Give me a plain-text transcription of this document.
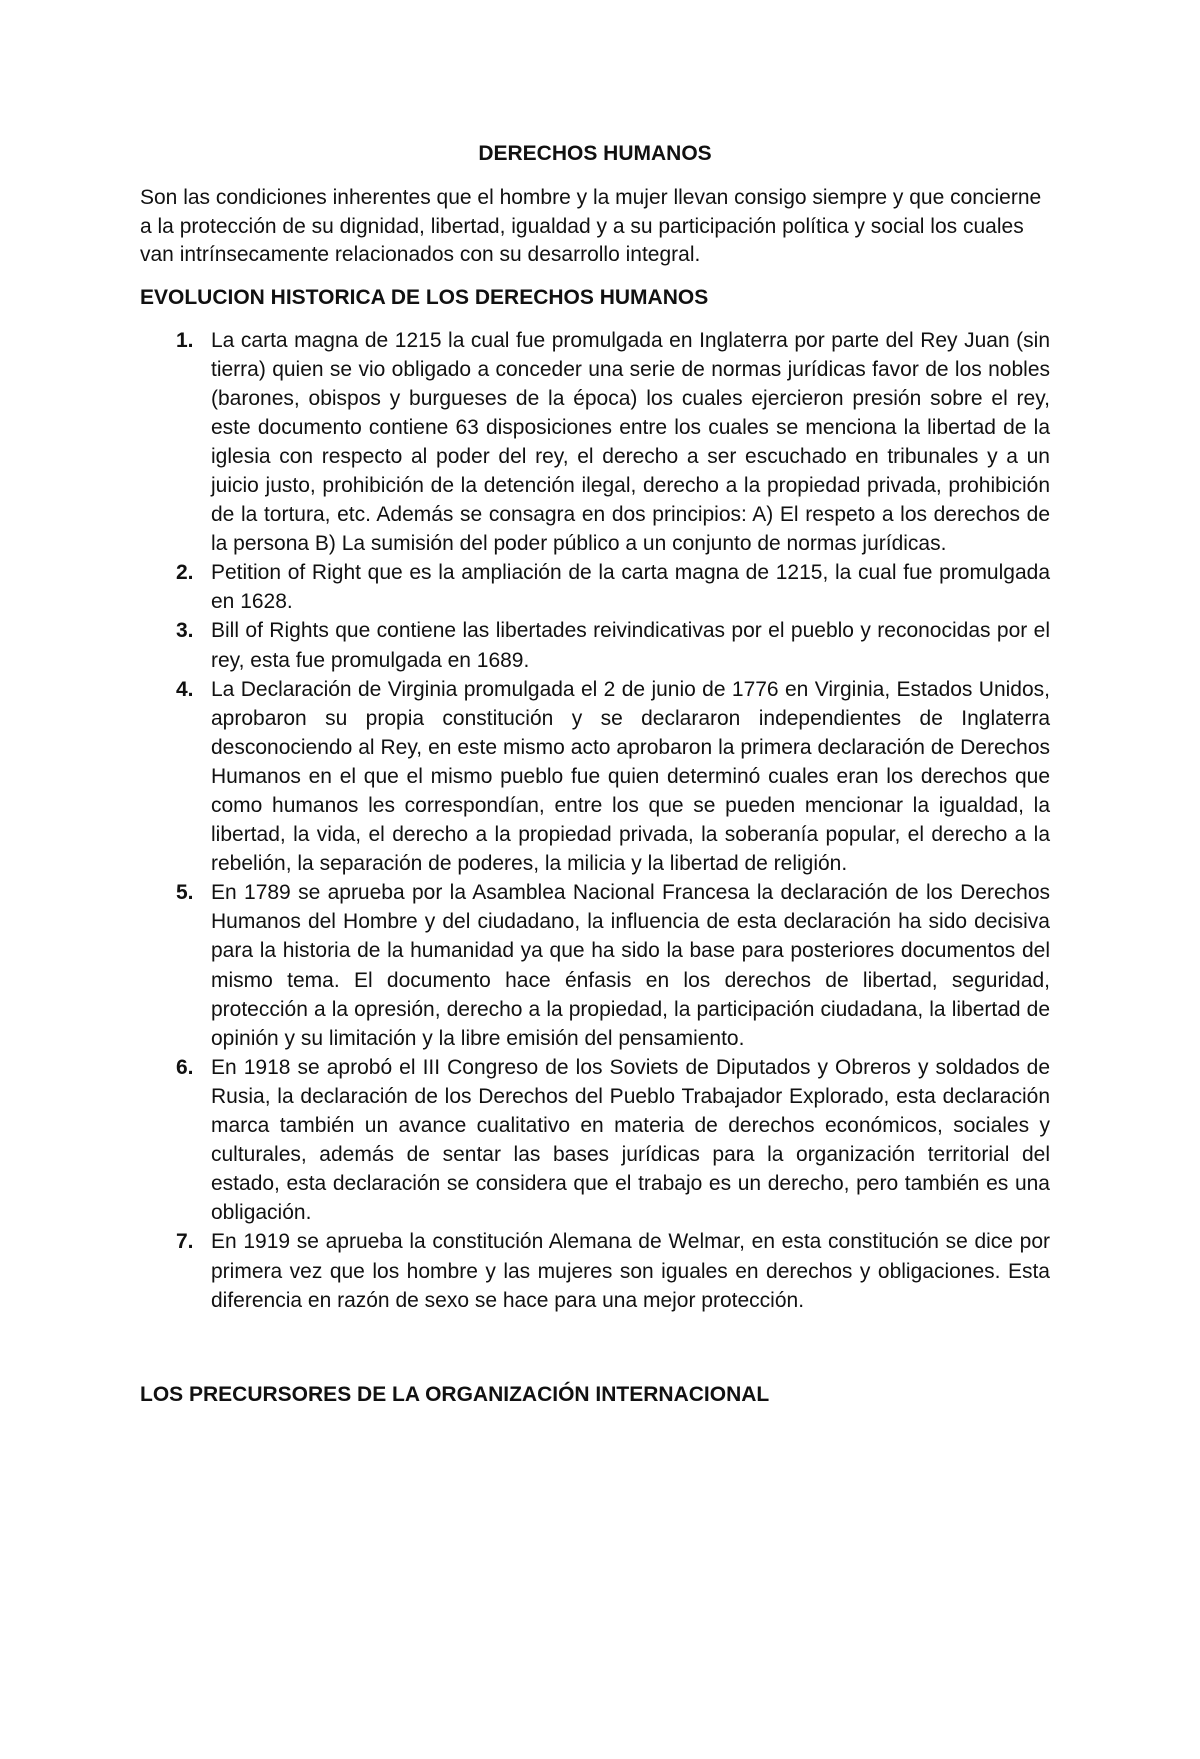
DERECHOS HUMANOS

Son las condiciones inherentes que el hombre y la mujer llevan consigo siempre y que concierne a la protección de su dignidad, libertad, igualdad y a su participación política y social los cuales van intrínsecamente relacionados con su desarrollo integral.

EVOLUCION HISTORICA DE LOS DERECHOS HUMANOS
1. La carta magna de 1215 la cual fue promulgada en Inglaterra por parte del Rey Juan (sin tierra) quien se vio obligado a conceder una serie de normas jurídicas favor de los nobles (barones, obispos y burgueses de la época) los cuales ejercieron presión sobre el rey, este documento contiene 63 disposiciones entre los cuales se menciona la libertad de la iglesia con respecto al poder del rey, el derecho a ser escuchado en tribunales y a un juicio justo, prohibición de la detención ilegal, derecho a la propiedad privada, prohibición de la tortura, etc. Además se consagra en dos principios: A) El respeto a los derechos de la persona B) La sumisión del poder público a un conjunto de normas jurídicas.
2. Petition of Right que es la ampliación de la carta magna de 1215, la cual fue promulgada en 1628.
3. Bill of Rights que contiene las libertades reivindicativas por el pueblo y reconocidas por el rey, esta fue promulgada en 1689.
4. La Declaración de Virginia promulgada el 2 de junio de 1776 en Virginia, Estados Unidos, aprobaron su propia constitución y se declararon independientes de Inglaterra desconociendo al Rey, en este mismo acto aprobaron la primera declaración de Derechos Humanos en el que el mismo pueblo fue quien determinó cuales eran los derechos que como humanos les correspondían, entre los que se pueden mencionar la igualdad, la libertad, la vida, el derecho a la propiedad privada, la soberanía popular, el derecho a la rebelión, la separación de poderes, la milicia y la libertad de religión.
5. En 1789 se aprueba por la Asamblea Nacional Francesa la declaración de los Derechos Humanos del Hombre y del ciudadano, la influencia de esta declaración ha sido decisiva para la historia de la humanidad ya que ha sido la base para posteriores documentos del mismo tema. El documento hace énfasis en los derechos de libertad, seguridad, protección a la opresión, derecho a la propiedad, la participación ciudadana, la libertad de opinión y su limitación y la libre emisión del pensamiento.
6. En 1918 se aprobó el III Congreso de los Soviets de Diputados y Obreros y soldados de Rusia, la declaración de los Derechos del Pueblo Trabajador Explorado, esta declaración marca también un avance cualitativo en materia de derechos económicos, sociales y culturales, además de sentar las bases jurídicas para la organización territorial del estado, esta declaración se considera que el trabajo es un derecho, pero también es una obligación.
7. En 1919 se aprueba la constitución Alemana de Welmar, en esta constitución se dice por primera vez que los hombre y las mujeres son iguales en derechos y obligaciones. Esta diferencia en razón de sexo se hace para una mejor protección.
LOS PRECURSORES DE LA ORGANIZACIÓN INTERNACIONAL
